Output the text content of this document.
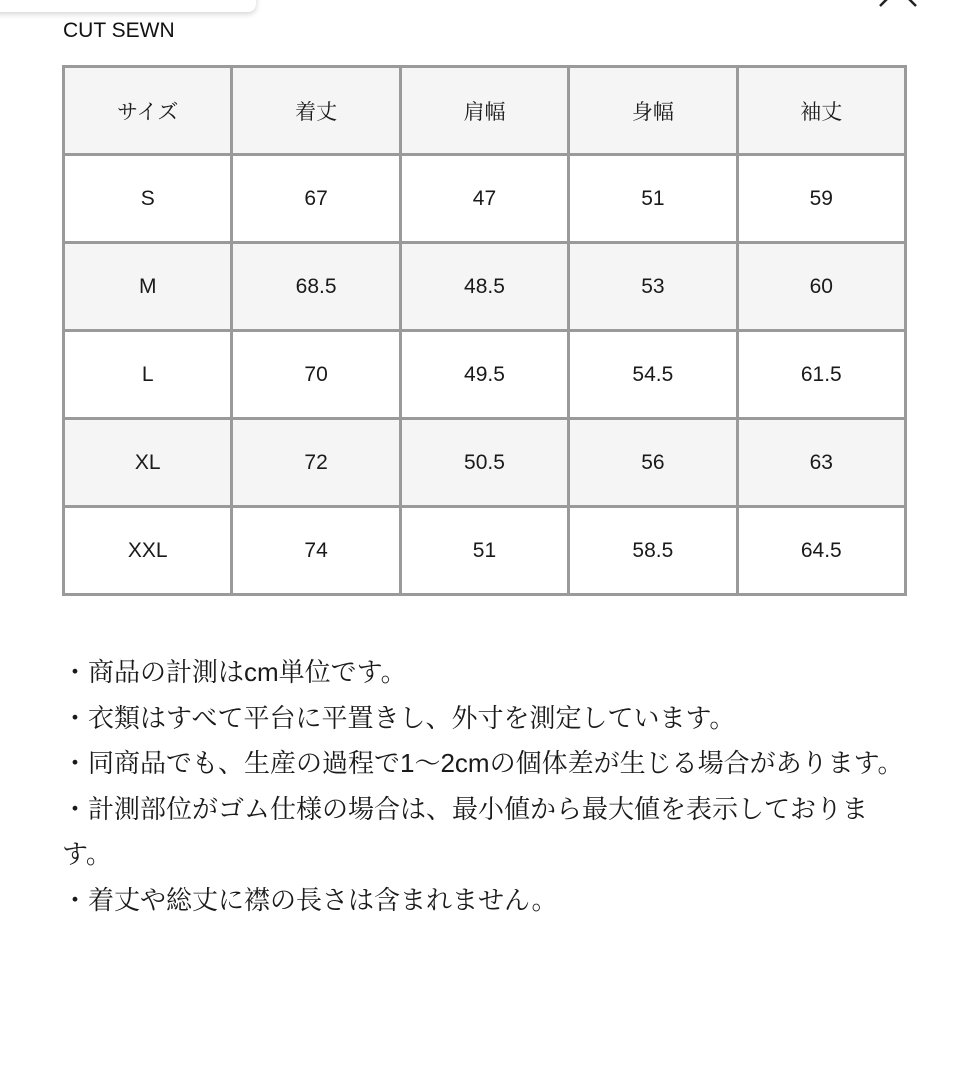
CUT SEWN
サイズ	着丈	肩幅	身幅	袖丈
S	67	47	51	59
M	68.5	48.5	53	60
L	70	49.5	54.5	61.5
XL	72	50.5	56	63
XXL	74	51	58.5	64.5

・商品の計測はcm単位です。

・衣類はすべて平台に平置きし、外寸を測定しています。

・同商品でも、生産の過程で1〜2cmの個体差が生じる場合があります。

・計測部位がゴム仕様の場合は、最小値から最大値を表示しております。

・着丈や総丈に襟の長さは含まれません。
